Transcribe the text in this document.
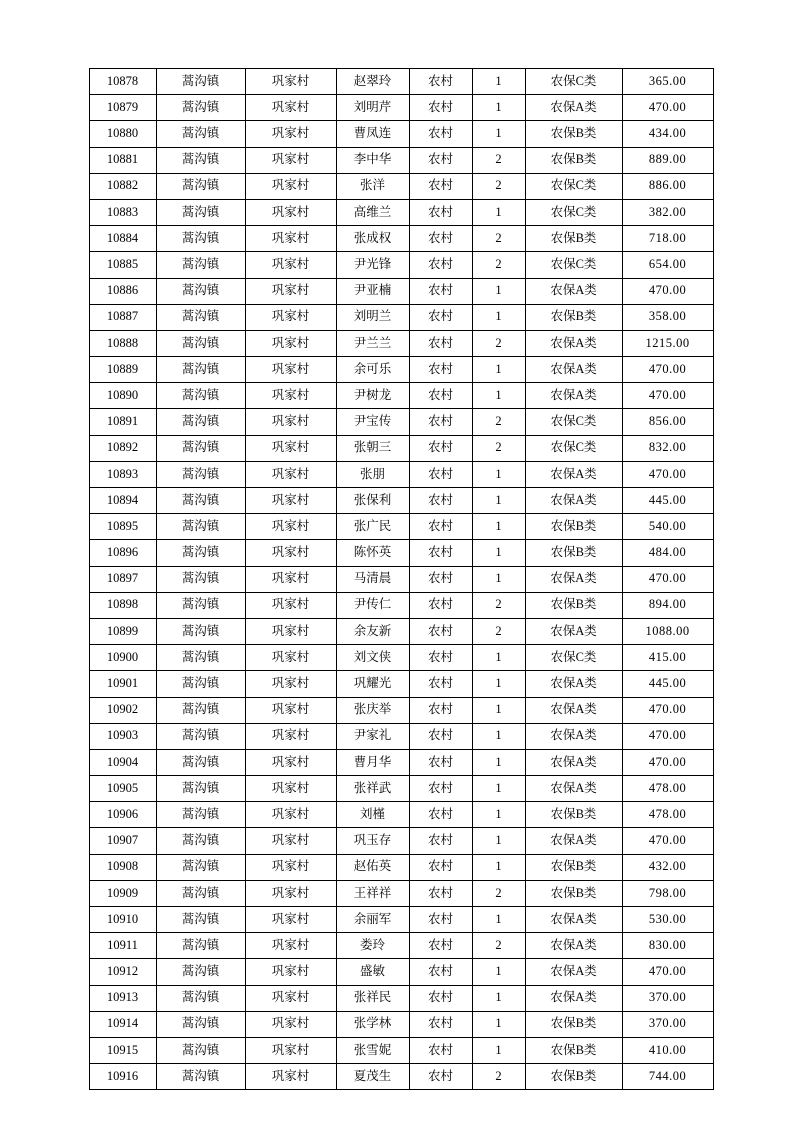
10878	蒿沟镇	巩家村	赵翠玲	农村	1	农保C类	365.00
10879	蒿沟镇	巩家村	刘明芹	农村	1	农保A类	470.00
10880	蒿沟镇	巩家村	曹凤连	农村	1	农保B类	434.00
10881	蒿沟镇	巩家村	李中华	农村	2	农保B类	889.00
10882	蒿沟镇	巩家村	张洋	农村	2	农保C类	886.00
10883	蒿沟镇	巩家村	高维兰	农村	1	农保C类	382.00
10884	蒿沟镇	巩家村	张成权	农村	2	农保B类	718.00
10885	蒿沟镇	巩家村	尹光锋	农村	2	农保C类	654.00
10886	蒿沟镇	巩家村	尹亚楠	农村	1	农保A类	470.00
10887	蒿沟镇	巩家村	刘明兰	农村	1	农保B类	358.00
10888	蒿沟镇	巩家村	尹兰兰	农村	2	农保A类	1215.00
10889	蒿沟镇	巩家村	余可乐	农村	1	农保A类	470.00
10890	蒿沟镇	巩家村	尹树龙	农村	1	农保A类	470.00
10891	蒿沟镇	巩家村	尹宝传	农村	2	农保C类	856.00
10892	蒿沟镇	巩家村	张朝三	农村	2	农保C类	832.00
10893	蒿沟镇	巩家村	张朋	农村	1	农保A类	470.00
10894	蒿沟镇	巩家村	张保利	农村	1	农保A类	445.00
10895	蒿沟镇	巩家村	张广民	农村	1	农保B类	540.00
10896	蒿沟镇	巩家村	陈怀英	农村	1	农保B类	484.00
10897	蒿沟镇	巩家村	马清晨	农村	1	农保A类	470.00
10898	蒿沟镇	巩家村	尹传仁	农村	2	农保B类	894.00
10899	蒿沟镇	巩家村	余友新	农村	2	农保A类	1088.00
10900	蒿沟镇	巩家村	刘文侠	农村	1	农保C类	415.00
10901	蒿沟镇	巩家村	巩耀光	农村	1	农保A类	445.00
10902	蒿沟镇	巩家村	张庆举	农村	1	农保A类	470.00
10903	蒿沟镇	巩家村	尹家礼	农村	1	农保A类	470.00
10904	蒿沟镇	巩家村	曹月华	农村	1	农保A类	470.00
10905	蒿沟镇	巩家村	张祥武	农村	1	农保A类	478.00
10906	蒿沟镇	巩家村	刘槿	农村	1	农保B类	478.00
10907	蒿沟镇	巩家村	巩玉存	农村	1	农保A类	470.00
10908	蒿沟镇	巩家村	赵佑英	农村	1	农保B类	432.00
10909	蒿沟镇	巩家村	王祥祥	农村	2	农保B类	798.00
10910	蒿沟镇	巩家村	余丽军	农村	1	农保A类	530.00
10911	蒿沟镇	巩家村	娄玲	农村	2	农保A类	830.00
10912	蒿沟镇	巩家村	盛敏	农村	1	农保A类	470.00
10913	蒿沟镇	巩家村	张祥民	农村	1	农保A类	370.00
10914	蒿沟镇	巩家村	张学林	农村	1	农保B类	370.00
10915	蒿沟镇	巩家村	张雪妮	农村	1	农保B类	410.00
10916	蒿沟镇	巩家村	夏茂生	农村	2	农保B类	744.00
